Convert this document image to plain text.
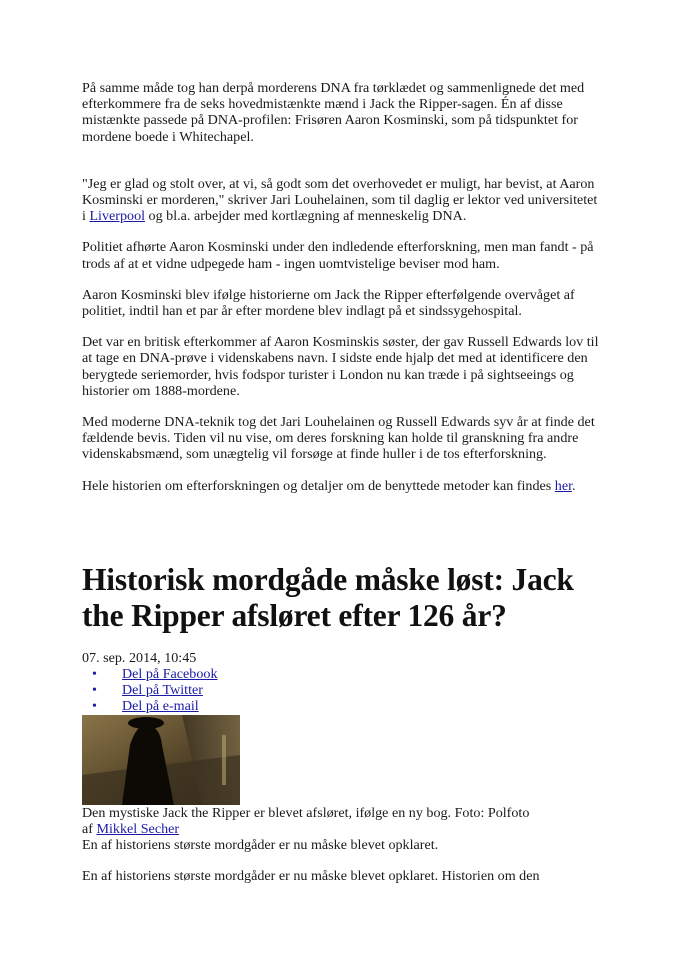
På samme måde tog han derpå morderens DNA fra tørklædet og sammenlignede det med efterkommere fra de seks hovedmistænkte mænd i Jack the Ripper-sagen. Én af disse mistænkte passede på DNA-profilen: Frisøren Aaron Kosminski, som på tidspunktet for mordene boede i Whitechapel.

"Jeg er glad og stolt over, at vi, så godt som det overhovedet er muligt, har bevist, at Aaron Kosminski er morderen," skriver Jari Louhelainen, som til daglig er lektor ved universitetet i Liverpool og bl.a. arbejder med kortlægning af menneskelig DNA.

Politiet afhørte Aaron Kosminski under den indledende efterforskning, men man fandt - på trods af at et vidne udpegede ham - ingen uomtvistelige beviser mod ham.

Aaron Kosminski blev ifølge historierne om Jack the Ripper efterfølgende overvåget af politiet, indtil han et par år efter mordene blev indlagt på et sindssygehospital.

Det var en britisk efterkommer af Aaron Kosminskis søster, der gav Russell Edwards lov til at tage en DNA-prøve i videnskabens navn. I sidste ende hjalp det med at identificere den berygtede seriemorder, hvis fodspor turister i London nu kan træde i på sightseeings og historier om 1888-mordene.

Med moderne DNA-teknik tog det Jari Louhelainen og Russell Edwards syv år at finde det fældende bevis. Tiden vil nu vise, om deres forskning kan holde til granskning fra andre videnskabsmænd, som unægtelig vil forsøge at finde huller i de tos efterforskning.

Hele historien om efterforskningen og detaljer om de benyttede metoder kan findes her.

Historisk mordgåde måske løst: Jack the Ripper afsløret efter 126 år?
07. sep. 2014, 10:45
• Del på Facebook
• Del på Twitter
• Del på e-mail

Den mystiske Jack the Ripper er blevet afsløret, ifølge en ny bog. Foto: Polfoto

af Mikkel Secher

En af historiens største mordgåder er nu måske blevet opklaret.

En af historiens største mordgåder er nu måske blevet opklaret. Historien om den
